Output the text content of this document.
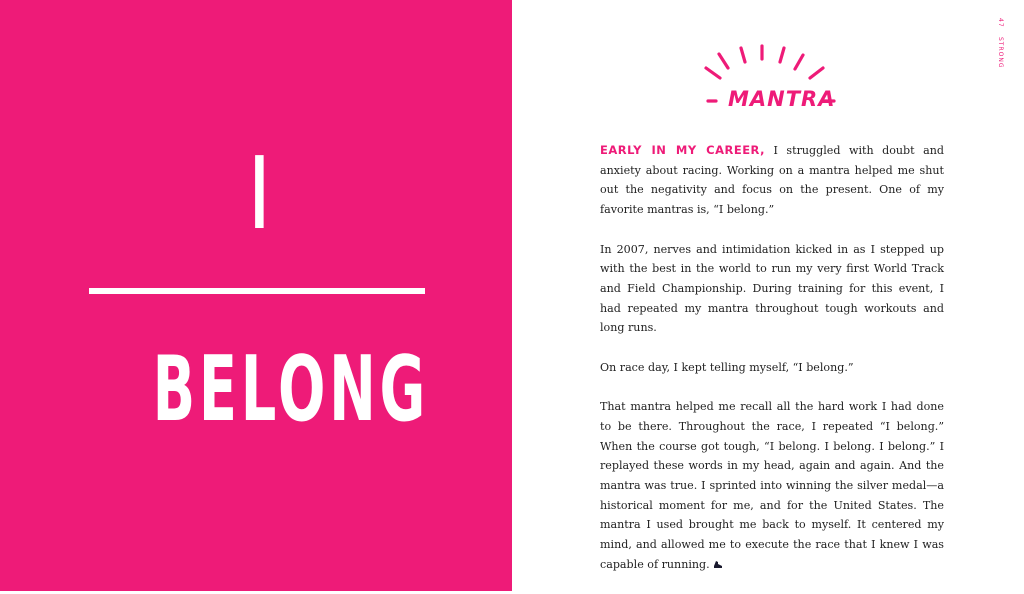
I
BELONG
47 STRONG
MANTRA

EARLY IN MY CAREER, I struggled with doubt and anxiety about racing. Working on a mantra helped me shut out the negativity and focus on the present. One of my favorite mantras is, “I belong.”

In 2007, nerves and intimidation kicked in as I stepped up with the best in the world to run my very first World Track and Field Championship. During training for this event, I had repeated my mantra throughout tough workouts and long runs.

On race day, I kept telling myself, “I belong.”

That mantra helped me recall all the hard work I had done to be there. Throughout the race, I repeated “I belong.” When the course got tough, “I belong. I belong. I belong.” I replayed these words in my head, again and again. And the mantra was true. I sprinted into winning the silver medal—a historical moment for me, and for the United States. The mantra I used brought me back to myself. It centered my mind, and allowed me to execute the race that I knew I was capable of running.
